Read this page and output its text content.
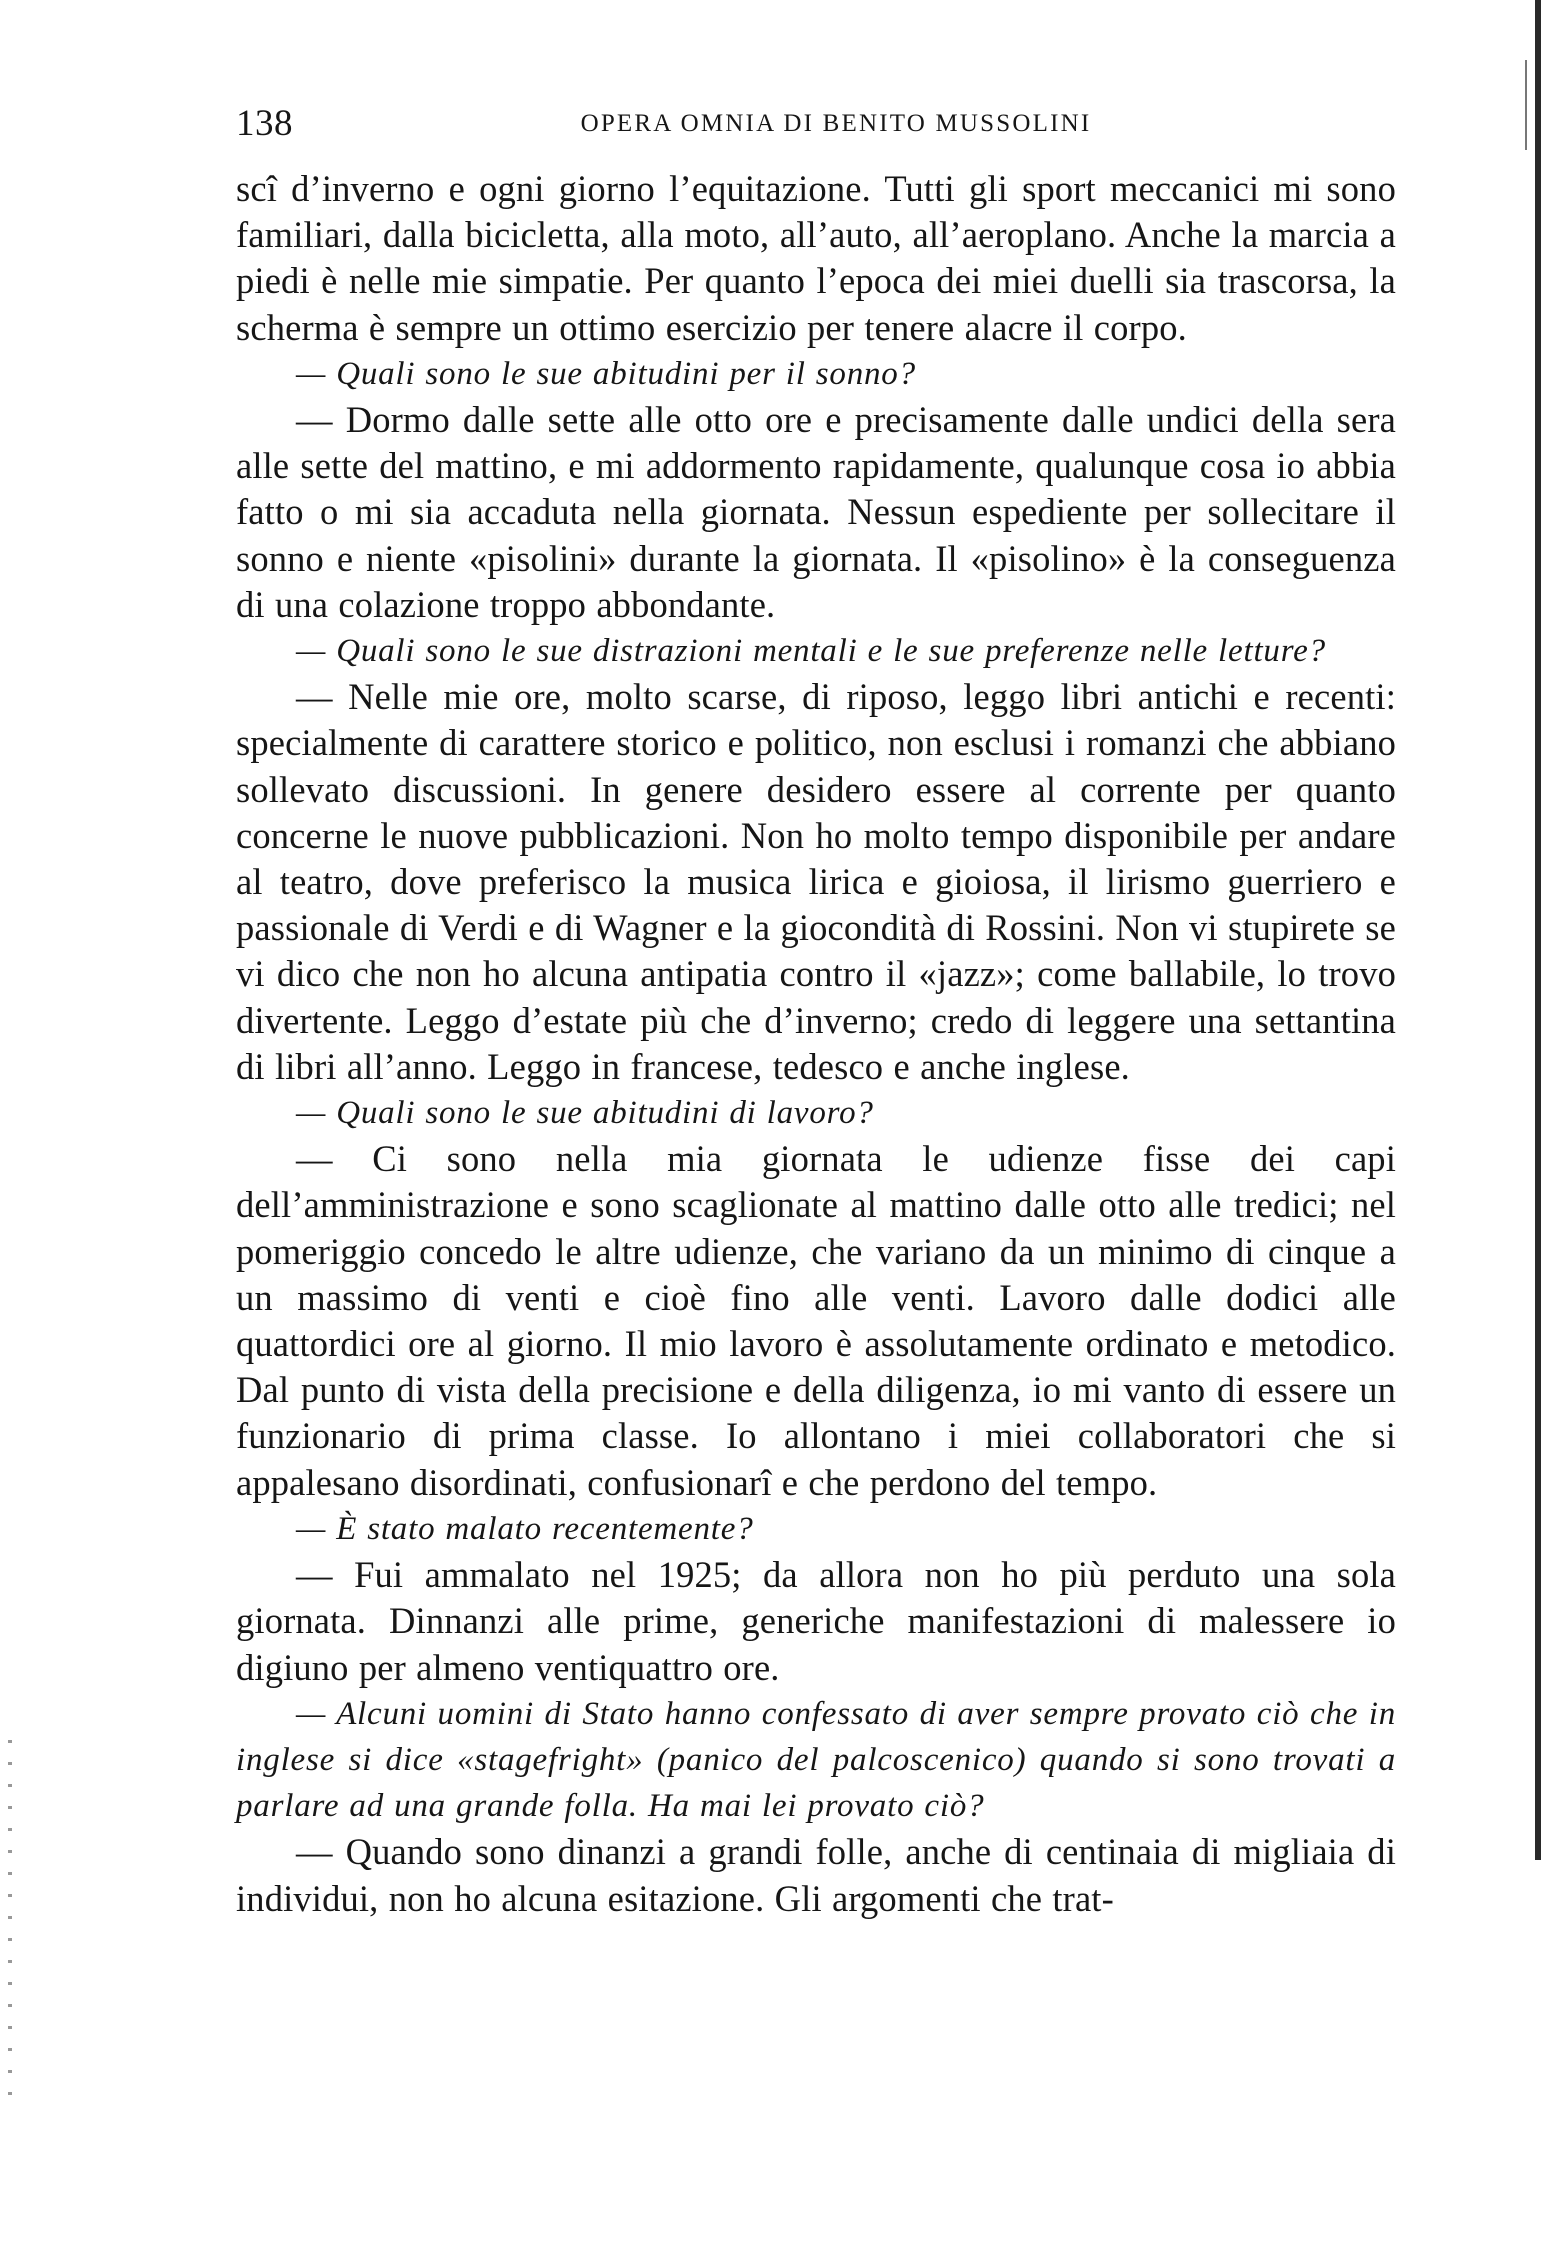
138	OPERA OMNIA DI BENITO MUSSOLINI

scî d’inverno e ogni giorno l’equitazione. Tutti gli sport meccanici mi sono familiari, dalla bicicletta, alla moto, all’auto, all’aeroplano. Anche la marcia a piedi è nelle mie simpatie. Per quanto l’epoca dei miei duelli sia trascorsa, la scherma è sempre un ottimo esercizio per tenere alacre il corpo.

— Quali sono le sue abitudini per il sonno?

— Dormo dalle sette alle otto ore e precisamente dalle undici della sera alle sette del mattino, e mi addormento rapidamente, qualunque cosa io abbia fatto o mi sia accaduta nella giornata. Nessun espediente per sollecitare il sonno e niente «pisolini» durante la giornata. Il «pisolino» è la conseguenza di una colazione troppo abbondante.

— Quali sono le sue distrazioni mentali e le sue preferenze nelle letture?

— Nelle mie ore, molto scarse, di riposo, leggo libri antichi e recenti: specialmente di carattere storico e politico, non esclusi i romanzi che abbiano sollevato discussioni. In genere desidero essere al corrente per quanto concerne le nuove pubblicazioni. Non ho molto tempo disponibile per andare al teatro, dove preferisco la musica lirica e gioiosa, il lirismo guerriero e passionale di Verdi e di Wagner e la giocondità di Rossini. Non vi stupirete se vi dico che non ho alcuna antipatia contro il «jazz»; come ballabile, lo trovo divertente. Leggo d’estate più che d’inverno; credo di leggere una settantina di libri all’anno. Leggo in francese, tedesco e anche inglese.

— Quali sono le sue abitudini di lavoro?

— Ci sono nella mia giornata le udienze fisse dei capi dell’amministrazione e sono scaglionate al mattino dalle otto alle tredici; nel pomeriggio concedo le altre udienze, che variano da un minimo di cinque a un massimo di venti e cioè fino alle venti. Lavoro dalle dodici alle quattordici ore al giorno. Il mio lavoro è assolutamente ordinato e metodico. Dal punto di vista della precisione e della diligenza, io mi vanto di essere un funzionario di prima classe. Io allontano i miei collaboratori che si appalesano disordinati, confusionarî e che perdono del tempo.

— È stato malato recentemente?

— Fui ammalato nel 1925; da allora non ho più perduto una sola giornata. Dinnanzi alle prime, generiche manifestazioni di malessere io digiuno per almeno ventiquattro ore.

— Alcuni uomini di Stato hanno confessato di aver sempre provato ciò che in inglese si dice «stagefright» (panico del palcoscenico) quando si sono trovati a parlare ad una grande folla. Ha mai lei provato ciò?

— Quando sono dinanzi a grandi folle, anche di centinaia di migliaia di individui, non ho alcuna esitazione. Gli argomenti che trat-
